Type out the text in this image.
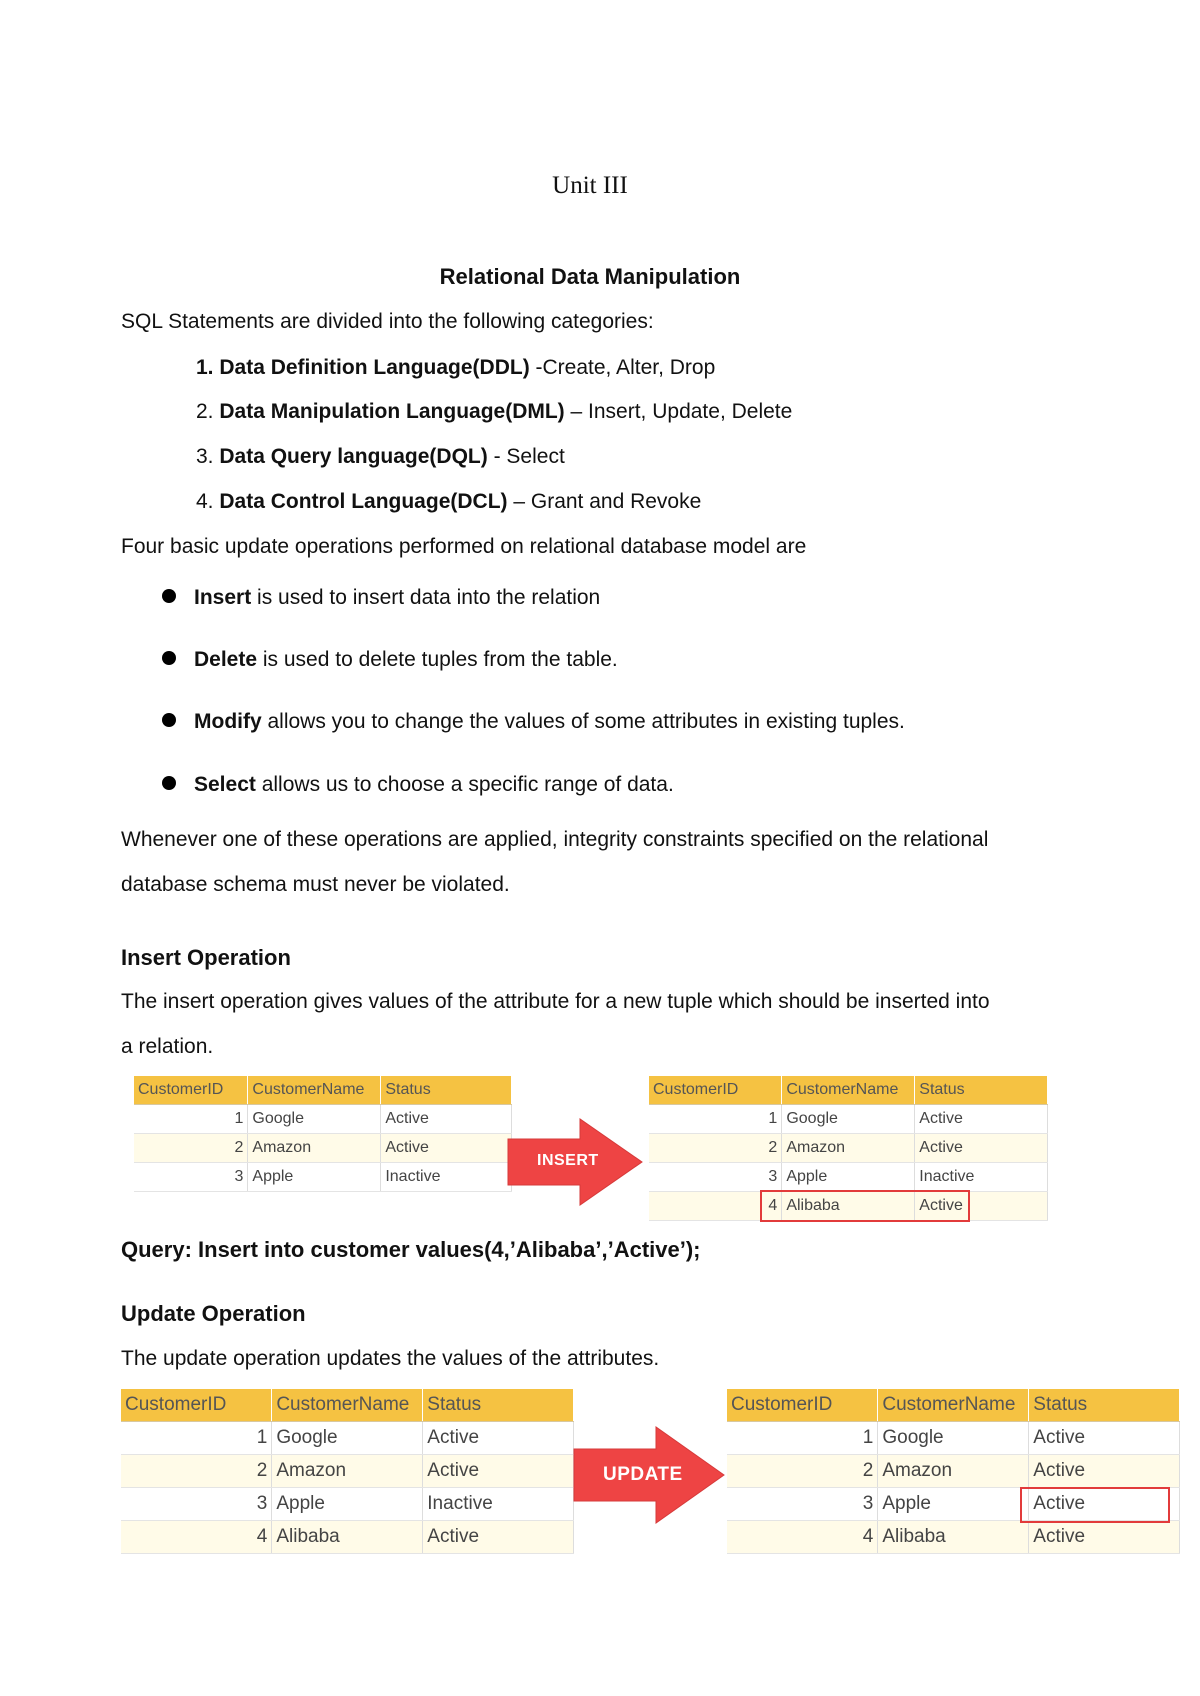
Unit III
Relational Data Manipulation
SQL Statements are divided into the following categories:
1. Data Definition Language(DDL) -Create, Alter, Drop
2. Data Manipulation Language(DML) – Insert, Update, Delete
3. Data Query language(DQL) - Select
4. Data Control Language(DCL) – Grant and Revoke
Four basic update operations performed on relational database model are
Insert is used to insert data into the relation
Delete is used to delete tuples from the table.
Modify allows you to change the values of some attributes in existing tuples.
Select allows us to choose a specific range of data.
Whenever one of these operations are applied, integrity constraints specified on the relational
database schema must never be violated.
Insert Operation
The insert operation gives values of the attribute for a new tuple which should be inserted into
a relation.
CustomerID	CustomerName	Status
1	Google	Active
2	Amazon	Active
3	Apple	Inactive
INSERT
CustomerID	CustomerName	Status
1	Google	Active
2	Amazon	Active
3	Apple	Inactive
4	Alibaba	Active
Query: Insert into customer values(4,’Alibaba’,’Active’);
Update Operation
The update operation updates the values of the attributes.
CustomerID	CustomerName	Status
1	Google	Active
2	Amazon	Active
3	Apple	Inactive
4	Alibaba	Active
UPDATE
CustomerID	CustomerName	Status
1	Google	Active
2	Amazon	Active
3	Apple	Active
4	Alibaba	Active
